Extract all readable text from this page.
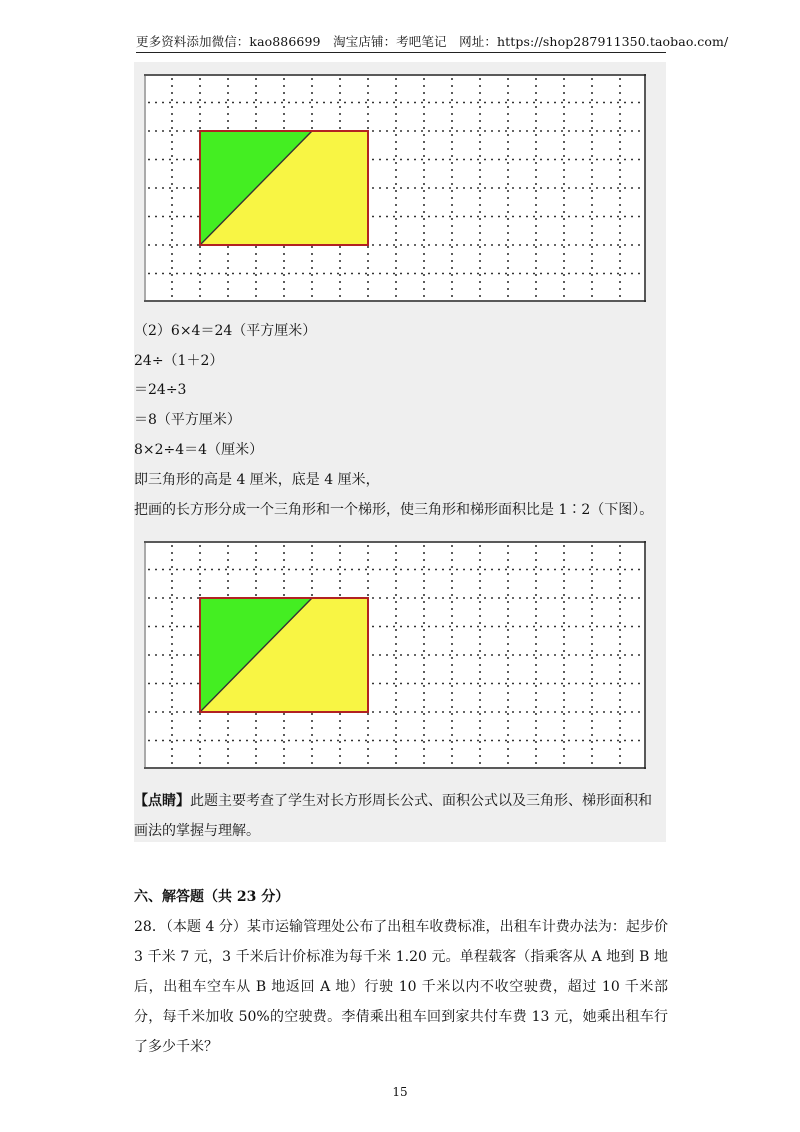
更多资料添加微信：kao886699　淘宝店铺：考吧笔记　网址：https://shop287911350.taobao.com/
（2）6×4＝24（平方厘米）
24÷（1＋2）
＝24÷3
＝8（平方厘米）
8×2÷4＝4（厘米）
即三角形的高是 4 厘米，底是 4 厘米，
把画的长方形分成一个三角形和一个梯形，使三角形和梯形面积比是 1∶2（下图）。
【点睛】此题主要考查了学生对长方形周长公式、面积公式以及三角形、梯形面积和画法的掌握与理解。
六、解答题（共 23 分）
28．（本题 4 分）某市运输管理处公布了出租车收费标准，出租车计费办法为：起步价 3 千米 7 元，3 千米后计价标准为每千米 1.20 元。单程载客（指乘客从 A 地到 B 地后，出租车空车从 B 地返回 A 地）行驶 10 千米以内不收空驶费，超过 10 千米部分，每千米加收 50%的空驶费。李倩乘出租车回到家共付车费 13 元，她乘出租车行了多少千米？
15
